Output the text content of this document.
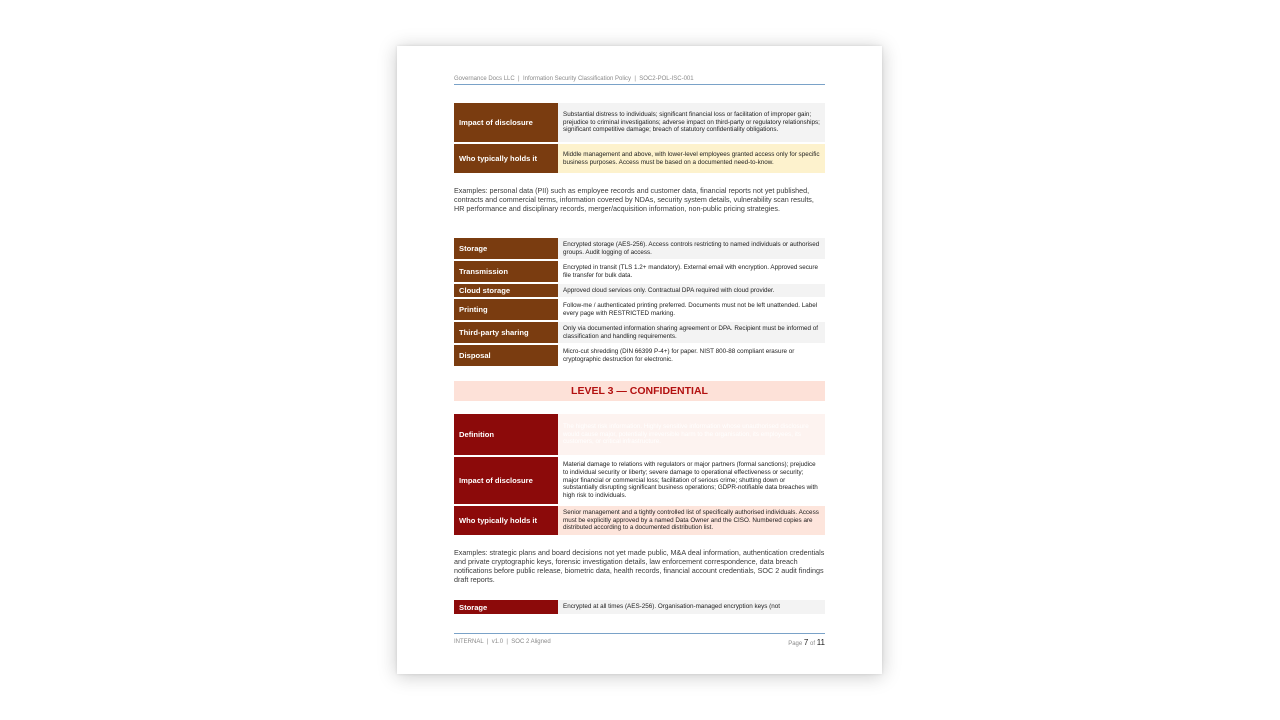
Governance Docs LLC | Information Security Classification Policy | SOC2-POL-ISC-001
Impact of disclosure	Substantial distress to individuals; significant financial loss or facilitation of improper gain; prejudice to criminal investigations; adverse impact on third-party or regulatory relationships; significant competitive damage; breach of statutory confidentiality obligations.
Who typically holds it	Middle management and above, with lower-level employees granted access only for specific business purposes. Access must be based on a documented need-to-know.
Examples: personal data (PII) such as employee records and customer data, financial reports not yet published, contracts and commercial terms, information covered by NDAs, security system details, vulnerability scan results, HR performance and disciplinary records, merger/acquisition information, non-public pricing strategies.
Storage	Encrypted storage (AES-256). Access controls restricting to named individuals or authorised groups. Audit logging of access.
Transmission	Encrypted in transit (TLS 1.2+ mandatory). External email with encryption. Approved secure file transfer for bulk data.
Cloud storage	Approved cloud services only. Contractual DPA required with cloud provider.
Printing	Follow-me / authenticated printing preferred. Documents must not be left unattended. Label every page with RESTRICTED marking.
Third-party sharing	Only via documented information sharing agreement or DPA. Recipient must be informed of classification and handling requirements.
Disposal	Micro-cut shredding (DIN 66399 P-4+) for paper. NIST 800-88 compliant erasure or cryptographic destruction for electronic.
LEVEL 3 — CONFIDENTIAL
Definition	The highest risk information. Highly sensitive information whose unauthorised disclosure would cause major, potentially irreversible harm to the organisation, its employees, its customers, or critical infrastructure.
Impact of disclosure	Material damage to relations with regulators or major partners (formal sanctions); prejudice to individual security or liberty; severe damage to operational effectiveness or security; major financial or commercial loss; facilitation of serious crime; shutting down or substantially disrupting significant business operations; GDPR-notifiable data breaches with high risk to individuals.
Who typically holds it	Senior management and a tightly controlled list of specifically authorised individuals. Access must be explicitly approved by a named Data Owner and the CISO. Numbered copies are distributed according to a documented distribution list.
Examples: strategic plans and board decisions not yet made public, M&A deal information, authentication credentials and private cryptographic keys, forensic investigation details, law enforcement correspondence, data breach notifications before public release, biometric data, health records, financial account credentials, SOC 2 audit findings draft reports.
Storage	Encrypted at all times (AES-256). Organisation-managed encryption keys (not
INTERNAL | v1.0 | SOC 2 Aligned	Page 7 of 11
